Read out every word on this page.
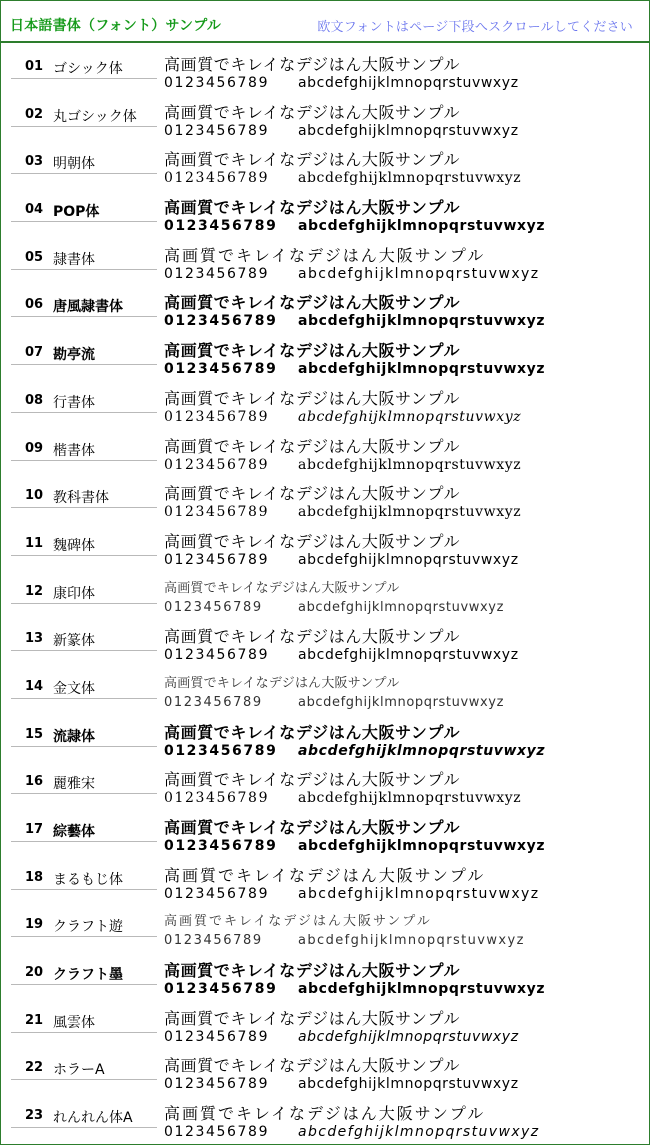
日本語書体（フォント）サンプル	欧文フォントはページ下段へスクロールしてください
01 ゴシック体	高画質でキレイなデジはん大阪サンプル
0123456789 abcdefghijklmnopqrstuvwxyz
02 丸ゴシック体 高画質でキレイなデジはん大阪サンプル
0123456789 abcdefghijklmnopqrstuvwxyz
03 明朝体	高画質でキレイなデジはん大阪サンプル
0123456789 abcdefghijklmnopqrstuvwxyz
04 POP体	高画質でキレイなデジはん大阪サンプル
0123456789 abcdefghijklmnopqrstuvwxyz
05 隷書体	高画質でキレイなデジはん大阪サンプル
0123456789 abcdefghijklmnopqrstuvwxyz
06 唐風隷書体	高画質でキレイなデジはん大阪サンプル
0123456789 abcdefghijklmnopqrstuvwxyz
07 勘亭流	高画質でキレイなデジはん大阪サンプル
0123456789 abcdefghijklmnopqrstuvwxyz
08 行書体	高画質でキレイなデジはん大阪サンプル
0123456789 abcdefghijklmnopqrstuvwxyz
09 楷書体	高画質でキレイなデジはん大阪サンプル
0123456789 abcdefghijklmnopqrstuvwxyz
10 教科書体	高画質でキレイなデジはん大阪サンプル
0123456789 abcdefghijklmnopqrstuvwxyz
11 魏碑体	高画質でキレイなデジはん大阪サンプル
0123456789 abcdefghijklmnopqrstuvwxyz
12 康印体	高画質でキレイなデジはん大阪サンプル
0123456789	abcdefghijklmnopqrstuvwxyz
13 新篆体	高画質でキレイなデジはん大阪サンプル
0123456789 abcdefghijklmnopqrstuvwxyz
14 金文体	高画質でキレイなデジはん大阪サンプル
0123456789	abcdefghijklmnopqrstuvwxyz
15 流隷体	高画質でキレイなデジはん大阪サンプル
0123456789 abcdefghijklmnopqrstuvwxyz
16 麗雅宋	高画質でキレイなデジはん大阪サンプル
0123456789 abcdefghijklmnopqrstuvwxyz
17 綜藝体	高画質でキレイなデジはん大阪サンプル
0123456789 abcdefghijklmnopqrstuvwxyz
18 まるもじ体	高画質でキレイなデジはん大阪サンプル
0123456789 abcdefghijklmnopqrstuvwxyz
19 クラフト遊	高画質でキレイなデジはん大阪サンプル
0123456789	abcdefghijklmnopqrstuvwxyz
20 クラフト墨	高画質でキレイなデジはん大阪サンプル
0123456789 abcdefghijklmnopqrstuvwxyz
21 風雲体	高画質でキレイなデジはん大阪サンプル
0123456789 abcdefghijklmnopqrstuvwxyz
22 ホラーA	高画質でキレイなデジはん大阪サンプル
0123456789 abcdefghijklmnopqrstuvwxyz
23 れんれん体A 高画質でキレイなデジはん大阪サンプル
0123456789 abcdefghijklmnopqrstuvwxyz
